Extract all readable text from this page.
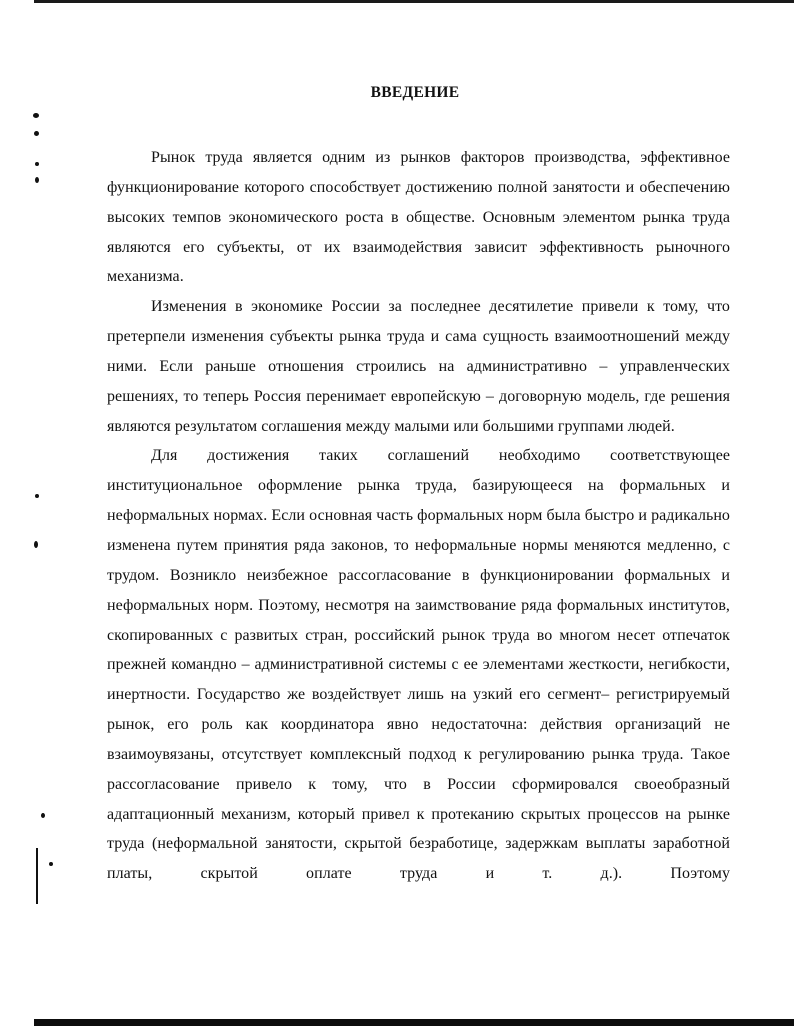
ВВЕДЕНИЕ

Рынок труда является одним из рынков факторов производства, эффективное функционирование которого способствует достижению полной занятости и обеспечению высоких темпов экономического роста в обществе. Основным элементом рынка труда являются его субъекты, от их взаимодействия зависит эффективность рыночного механизма.

Изменения в экономике России за последнее десятилетие привели к тому, что претерпели изменения субъекты рынка труда и сама сущность взаимоотношений между ними. Если раньше отношения строились на административно – управленческих решениях, то теперь Россия перенимает европейскую – договорную модель, где решения являются результатом соглашения между малыми или большими группами людей.

Для достижения таких соглашений необходимо соответствующее институциональное оформление рынка труда, базирующееся на формальных и неформальных нормах. Если основная часть формальных норм была быстро и радикально изменена путем принятия ряда законов, то неформальные нормы меняются медленно, с трудом. Возникло неизбежное рассогласование в функционировании формальных и неформальных норм. Поэтому, несмотря на заимствование ряда формальных институтов, скопированных с развитых стран, российский рынок труда во многом несет отпечаток прежней командно – административной системы с ее элементами жесткости, негибкости, инертности. Государство же воздействует лишь на узкий его сегмент– регистрируемый рынок, его роль как координатора явно недостаточна: действия организаций не взаимоувязаны, отсутствует комплексный подход к регулированию рынка труда. Такое рассогласование привело к тому, что в России сформировался своеобразный адаптационный механизм, который привел к протеканию скрытых процессов на рынке труда (неформальной занятости, скрытой безработице, задержкам выплаты заработной платы, скрытой оплате труда и т. д.). Поэтому
